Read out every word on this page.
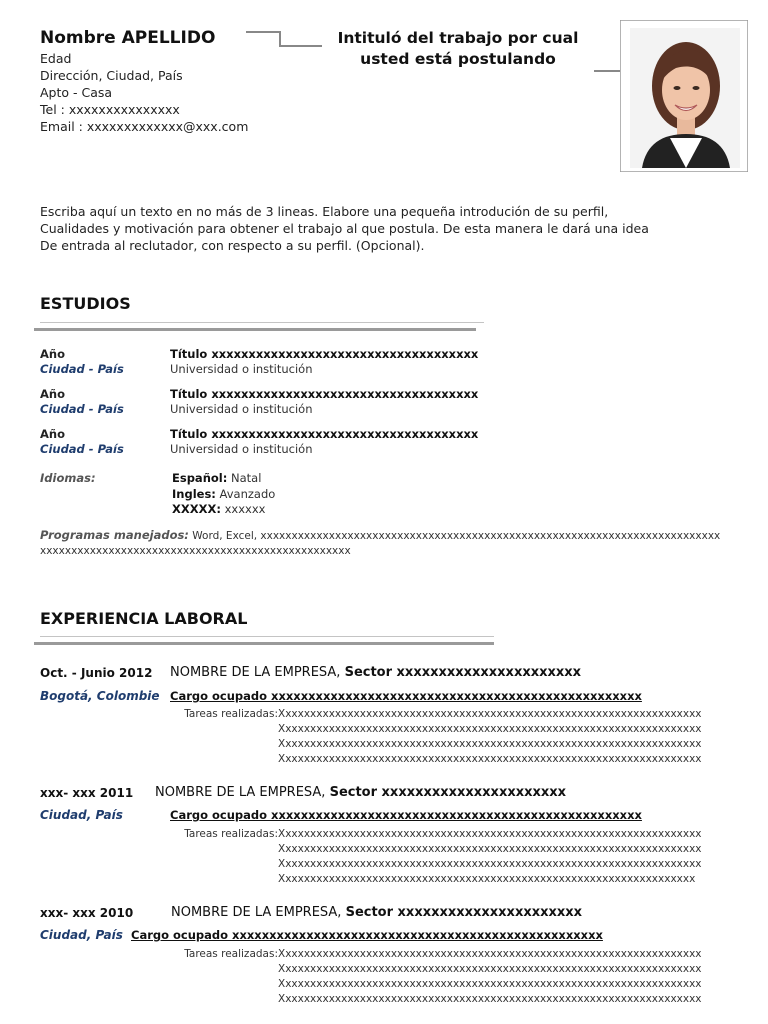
Nombre APELLIDO
Edad
Dirección, Ciudad, País
Apto - Casa
Tel : xxxxxxxxxxxxxxx
Email : xxxxxxxxxxxxx@xxx.com
Intituló del trabajo por cual
usted está postulando
Escriba aquí un texto en no más de 3 lineas. Elabore una pequeña introdución de su perfil,
Cualidades y motivación para obtener el trabajo al que postula. De esta manera le dará una idea
De entrada al reclutador, con respecto a su perfil. (Opcional).
ESTUDIOS
Año	Título xxxxxxxxxxxxxxxxxxxxxxxxxxxxxxxxxxxx
Ciudad - País	Universidad o institución
Año	Título xxxxxxxxxxxxxxxxxxxxxxxxxxxxxxxxxxxx
Ciudad - País	Universidad o institución
Año	Título xxxxxxxxxxxxxxxxxxxxxxxxxxxxxxxxxxxx
Ciudad - País	Universidad o institución
Idiomas:	Español: Natal
Ingles: Avanzado
XXXXX: xxxxxx
Programas manejados: Word, Excel, xxxxxxxxxxxxxxxxxxxxxxxxxxxxxxxxxxxxxxxxxxxxxxxxxxxxxxxxxxxxxxxxxxxxxxxxxx
xxxxxxxxxxxxxxxxxxxxxxxxxxxxxxxxxxxxxxxxxxxxxxxxxx
EXPERIENCIA LABORAL
Oct. - Junio 2012 NOMBRE DE LA EMPRESA, Sector xxxxxxxxxxxxxxxxxxxxxx
Bogotá, Colombie Cargo ocupado xxxxxxxxxxxxxxxxxxxxxxxxxxxxxxxxxxxxxxxxxxxxxxxxxx
Tareas realizadas:Xxxxxxxxxxxxxxxxxxxxxxxxxxxxxxxxxxxxxxxxxxxxxxxxxxxxxxxxxxxxxxxxxxxx
Xxxxxxxxxxxxxxxxxxxxxxxxxxxxxxxxxxxxxxxxxxxxxxxxxxxxxxxxxxxxxxxxxxxx
Xxxxxxxxxxxxxxxxxxxxxxxxxxxxxxxxxxxxxxxxxxxxxxxxxxxxxxxxxxxxxxxxxxxx
Xxxxxxxxxxxxxxxxxxxxxxxxxxxxxxxxxxxxxxxxxxxxxxxxxxxxxxxxxxxxxxxxxxxx
xxx- xxx 2011 NOMBRE DE LA EMPRESA, Sector xxxxxxxxxxxxxxxxxxxxxx
Ciudad, País	Cargo ocupado xxxxxxxxxxxxxxxxxxxxxxxxxxxxxxxxxxxxxxxxxxxxxxxxxx
Tareas realizadas:Xxxxxxxxxxxxxxxxxxxxxxxxxxxxxxxxxxxxxxxxxxxxxxxxxxxxxxxxxxxxxxxxxxxx
Xxxxxxxxxxxxxxxxxxxxxxxxxxxxxxxxxxxxxxxxxxxxxxxxxxxxxxxxxxxxxxxxxxxx
Xxxxxxxxxxxxxxxxxxxxxxxxxxxxxxxxxxxxxxxxxxxxxxxxxxxxxxxxxxxxxxxxxxxx
Xxxxxxxxxxxxxxxxxxxxxxxxxxxxxxxxxxxxxxxxxxxxxxxxxxxxxxxxxxxxxxxxxxx
xxx- xxx 2010	NOMBRE DE LA EMPRESA, Sector xxxxxxxxxxxxxxxxxxxxxx
Ciudad, País Cargo ocupado xxxxxxxxxxxxxxxxxxxxxxxxxxxxxxxxxxxxxxxxxxxxxxxxxx
Tareas realizadas:Xxxxxxxxxxxxxxxxxxxxxxxxxxxxxxxxxxxxxxxxxxxxxxxxxxxxxxxxxxxxxxxxxxxx
Xxxxxxxxxxxxxxxxxxxxxxxxxxxxxxxxxxxxxxxxxxxxxxxxxxxxxxxxxxxxxxxxxxxx
Xxxxxxxxxxxxxxxxxxxxxxxxxxxxxxxxxxxxxxxxxxxxxxxxxxxxxxxxxxxxxxxxxxxx
Xxxxxxxxxxxxxxxxxxxxxxxxxxxxxxxxxxxxxxxxxxxxxxxxxxxxxxxxxxxxxxxxxxxx
